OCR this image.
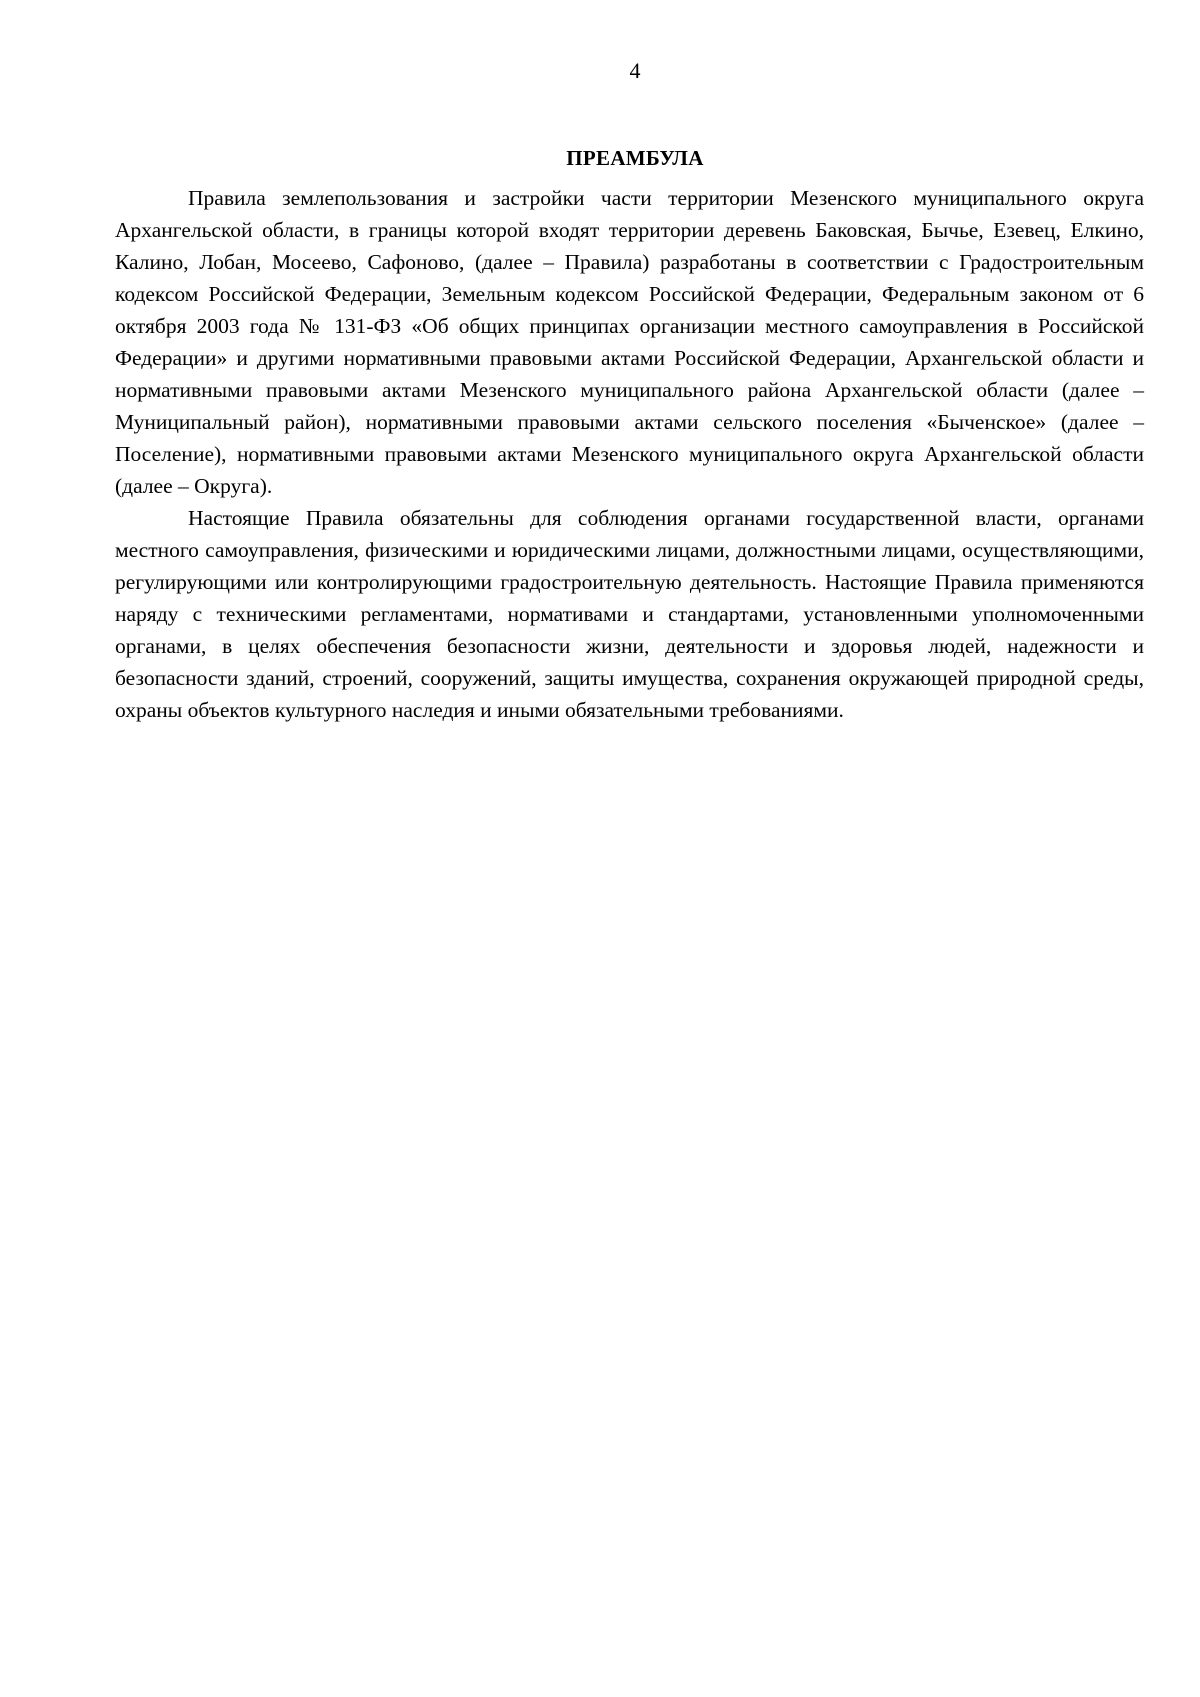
4
ПРЕАМБУЛА

Правила землепользования и застройки части территории Мезенского муниципального округа Архангельской области, в границы которой входят территории деревень Баковская, Бычье, Езевец, Елкино, Калино, Лобан, Мосеево, Сафоново, (далее – Правила) разработаны в соответствии с Градостроительным кодексом Российской Федерации, Земельным кодексом Российской Федерации, Федеральным законом от 6 октября 2003 года № 131-ФЗ «Об общих принципах организации местного самоуправления в Российской Федерации» и другими нормативными правовыми актами Российской Федерации, Архангельской области и нормативными правовыми актами Мезенского муниципального района Архангельской области (далее – Муниципальный район), нормативными правовыми актами сельского поселения «Быченское» (далее – Поселение), нормативными правовыми актами Мезенского муниципального округа Архангельской области (далее – Округа).

Настоящие Правила обязательны для соблюдения органами государственной власти, органами местного самоуправления, физическими и юридическими лицами, должностными лицами, осуществляющими, регулирующими или контролирующими градостроительную деятельность. Настоящие Правила применяются наряду с техническими регламентами, нормативами и стандартами, установленными уполномоченными органами, в целях обеспечения безопасности жизни, деятельности и здоровья людей, надежности и безопасности зданий, строений, сооружений, защиты имущества, сохранения окружающей природной среды, охраны объектов культурного наследия и иными обязательными требованиями.
